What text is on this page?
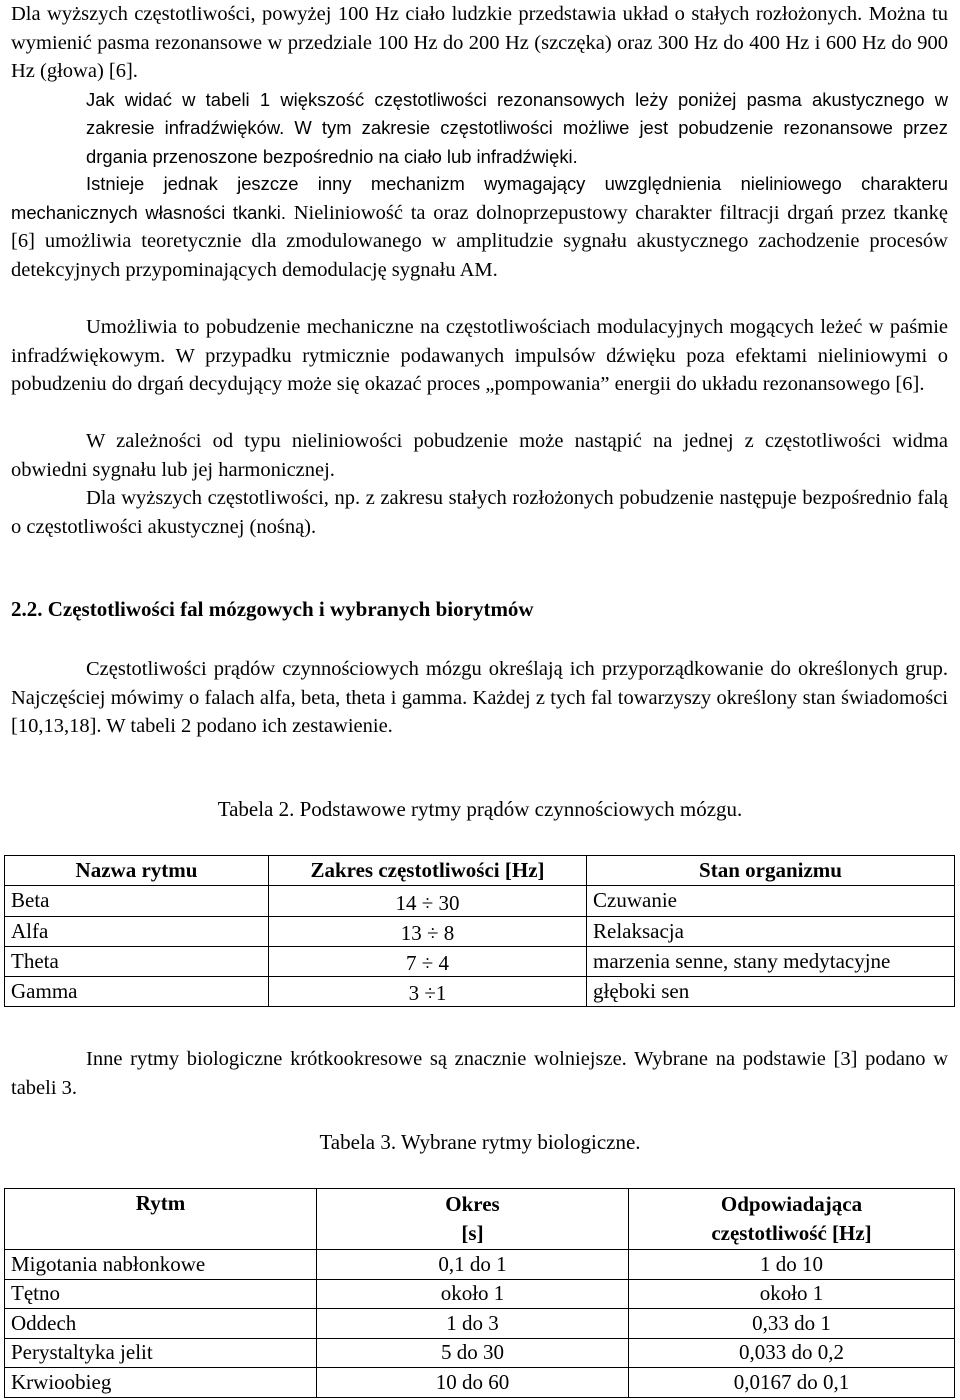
Dla wyższych częstotliwości, powyżej 100 Hz ciało ludzkie przedstawia układ o stałych rozłożonych. Można tu wymienić pasma rezonansowe w przedziale 100 Hz do 200 Hz (szczęka) oraz 300 Hz do 400 Hz i 600 Hz do 900 Hz (głowa) [6].
Jak widać w tabeli 1 większość częstotliwości rezonansowych leży poniżej pasma akustycznego w zakresie infradźwięków. W tym zakresie częstotliwości możliwe jest pobudzenie rezonansowe przez drgania przenoszone bezpośrednio na ciało lub infradźwięki.

Istnieje jednak jeszcze inny mechanizm wymagający uwzględnienia nieliniowego charakteru mechanicznych własności tkanki. Nieliniowość ta oraz dolnoprzepustowy charakter filtracji drgań przez tkankę [6] umożliwia teoretycznie dla zmodulowanego w amplitudzie sygnału akustycznego zachodzenie procesów detekcyjnych przypominających demodulację sygnału AM.

Umożliwia to pobudzenie mechaniczne na częstotliwościach modulacyjnych mogących leżeć w paśmie infradźwiękowym. W przypadku rytmicznie podawanych impulsów dźwięku poza efektami nieliniowymi o pobudzeniu do drgań decydujący może się okazać proces „pompowania” energii do układu rezonansowego [6].

W zależności od typu nieliniowości pobudzenie może nastąpić na jednej z częstotliwości widma obwiedni sygnału lub jej harmonicznej.

Dla wyższych częstotliwości, np. z zakresu stałych rozłożonych pobudzenie następuje bezpośrednio falą o częstotliwości akustycznej (nośną).

2.2. Częstotliwości fal mózgowych i wybranych biorytmów

Częstotliwości prądów czynnościowych mózgu określają ich przyporządkowanie do określonych grup. Najczęściej mówimy o falach alfa, beta, theta i gamma. Każdej z tych fal towarzyszy określony stan świadomości [10,13,18]. W tabeli 2 podano ich zestawienie.

Tabela 2. Podstawowe rytmy prądów czynnościowych mózgu.

Nazwa rytmu	Zakres częstotliwości [Hz]	Stan organizmu
Beta	14 ÷ 30	Czuwanie
Alfa	13 ÷ 8	Relaksacja
Theta	7 ÷ 4	marzenia senne, stany medytacyjne
Gamma	3 ÷1	głęboki sen

Inne rytmy biologiczne krótkookresowe są znacznie wolniejsze. Wybrane na podstawie [3] podano w tabeli 3.

Tabela 3. Wybrane rytmy biologiczne.

Rytm	Okres [s]	Odpowiadająca częstotliwość [Hz]
Migotania nabłonkowe	0,1 do 1	1 do 10
Tętno	około 1	około 1
Oddech	1 do 3	0,33 do 1
Perystaltyka jelit	5 do 30	0,033 do 0,2
Krwioobieg	10 do 60	0,0167 do 0,1
